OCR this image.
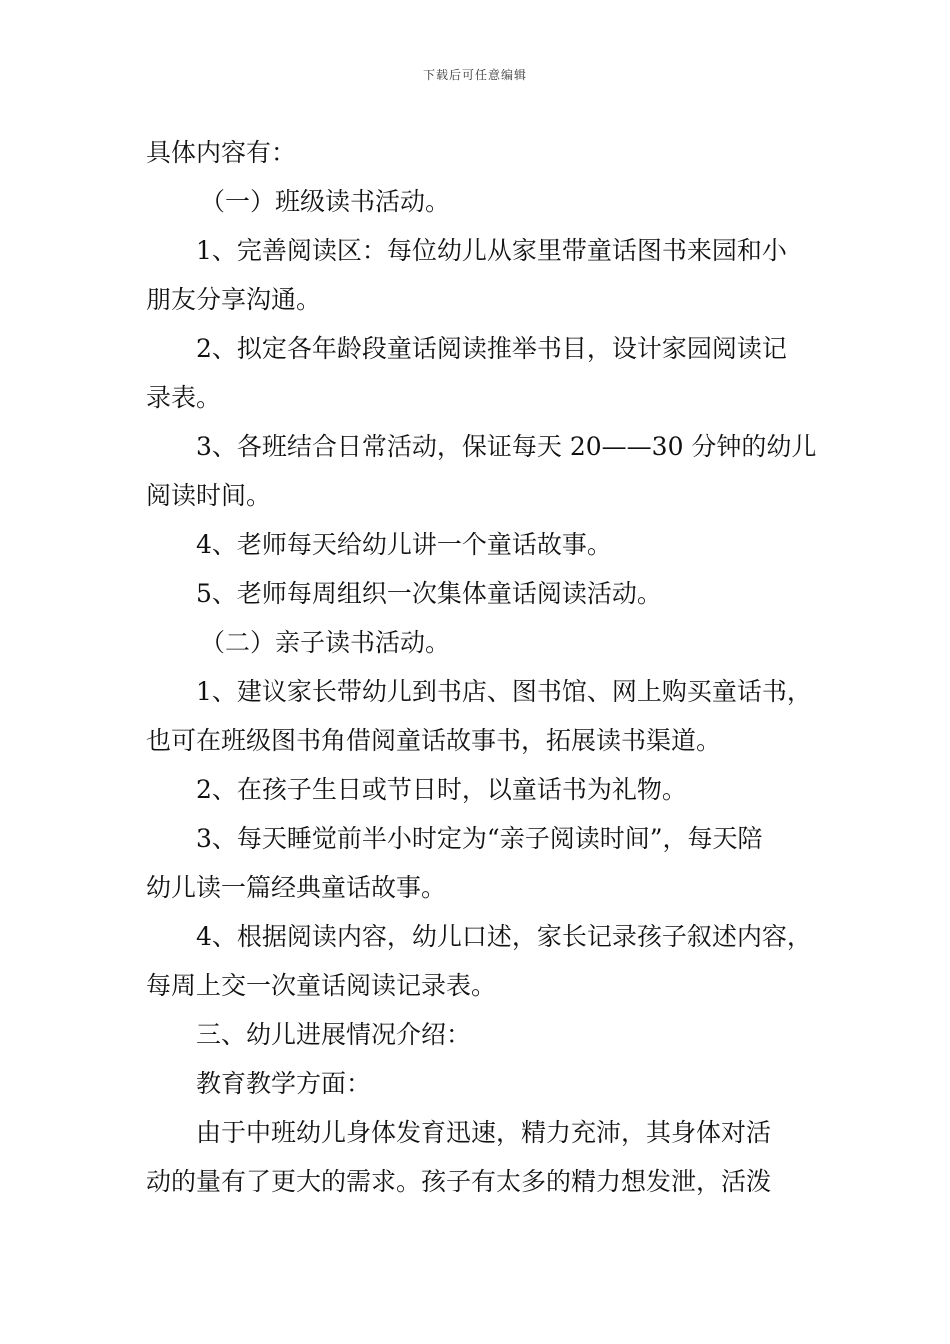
下载后可任意编辑
具体内容有：
（一）班级读书活动。
1、完善阅读区：每位幼儿从家里带童话图书来园和小
朋友分享沟通。
2、拟定各年龄段童话阅读推举书目，设计家园阅读记
录表。
3、各班结合日常活动，保证每天 20——30 分钟的幼儿
阅读时间。
4、老师每天给幼儿讲一个童话故事。
5、老师每周组织一次集体童话阅读活动。
（二）亲子读书活动。
1、建议家长带幼儿到书店、图书馆、网上购买童话书，
也可在班级图书角借阅童话故事书，拓展读书渠道。
2、在孩子生日或节日时，以童话书为礼物。
3、每天睡觉前半小时定为“亲子阅读时间”，每天陪
幼儿读一篇经典童话故事。
4、根据阅读内容，幼儿口述，家长记录孩子叙述内容，
每周上交一次童话阅读记录表。
三、幼儿进展情况介绍：
教育教学方面：
由于中班幼儿身体发育迅速，精力充沛，其身体对活
动的量有了更大的需求。孩子有太多的精力想发泄，活泼
